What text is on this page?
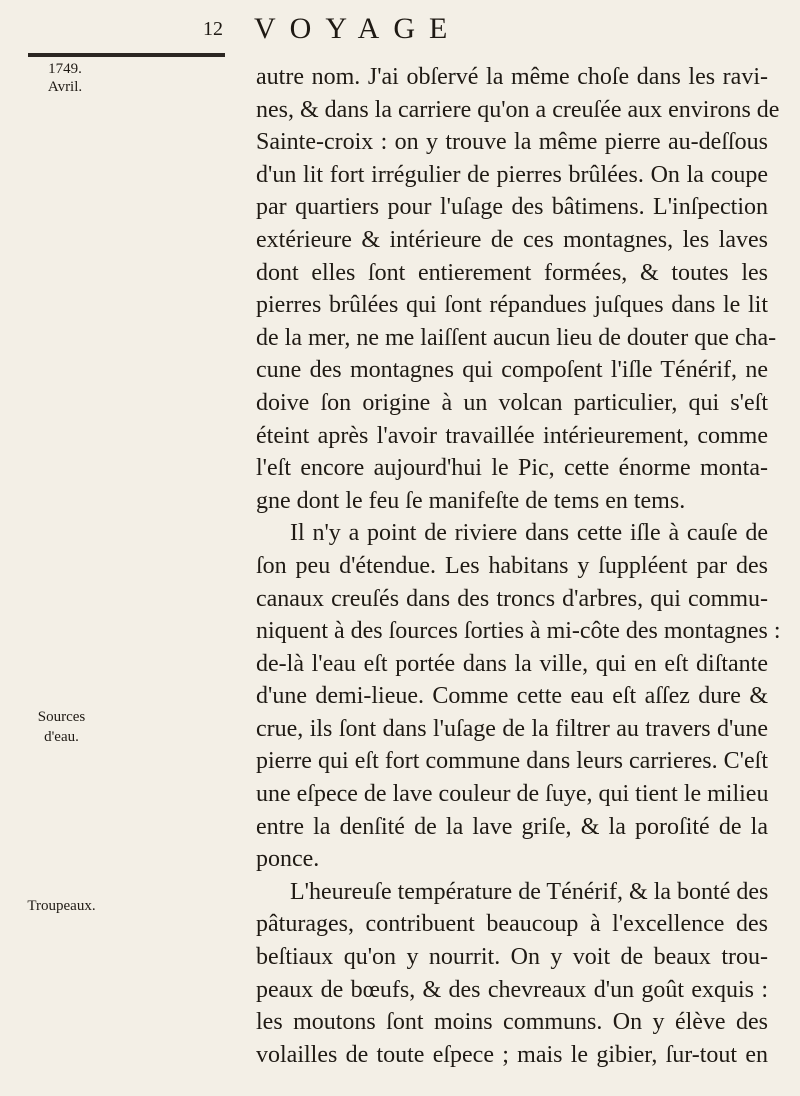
12 VOYAGE
1749.
Avril.
Sources
d'eau.
Troupeaux.
autre nom. J'ai obſervé la même choſe dans les ravi-
nes, & dans la carriere qu'on a creuſée aux environs de
Sainte-croix : on y trouve la même pierre au-deſſous
d'un lit fort irrégulier de pierres brûlées. On la coupe
par quartiers pour l'uſage des bâtimens. L'inſpection
extérieure & intérieure de ces montagnes, les laves
dont elles ſont entierement formées, & toutes les
pierres brûlées qui ſont répandues juſques dans le lit
de la mer, ne me laiſſent aucun lieu de douter que cha-
cune des montagnes qui compoſent l'iſle Ténérif, ne
doive ſon origine à un volcan particulier, qui s'eſt
éteint après l'avoir travaillée intérieurement, comme
l'eſt encore aujourd'hui le Pic, cette énorme monta-
gne dont le feu ſe manifeſte de tems en tems.
Il n'y a point de riviere dans cette iſle à cauſe de
ſon peu d'étendue. Les habitans y ſuppléent par des
canaux creuſés dans des troncs d'arbres, qui commu-
niquent à des ſources ſorties à mi-côte des montagnes :
de-là l'eau eſt portée dans la ville, qui en eſt diſtante
d'une demi-lieue. Comme cette eau eſt aſſez dure &
crue, ils ſont dans l'uſage de la filtrer au travers d'une
pierre qui eſt fort commune dans leurs carrieres. C'eſt
une eſpece de lave couleur de ſuye, qui tient le milieu
entre la denſité de la lave griſe, & la poroſité de la
ponce.
L'heureuſe température de Ténérif, & la bonté des
pâturages, contribuent beaucoup à l'excellence des
beſtiaux qu'on y nourrit. On y voit de beaux trou-
peaux de bœufs, & des chevreaux d'un goût exquis :
les moutons ſont moins communs. On y élève des
volailles de toute eſpece ; mais le gibier, ſur-tout en
